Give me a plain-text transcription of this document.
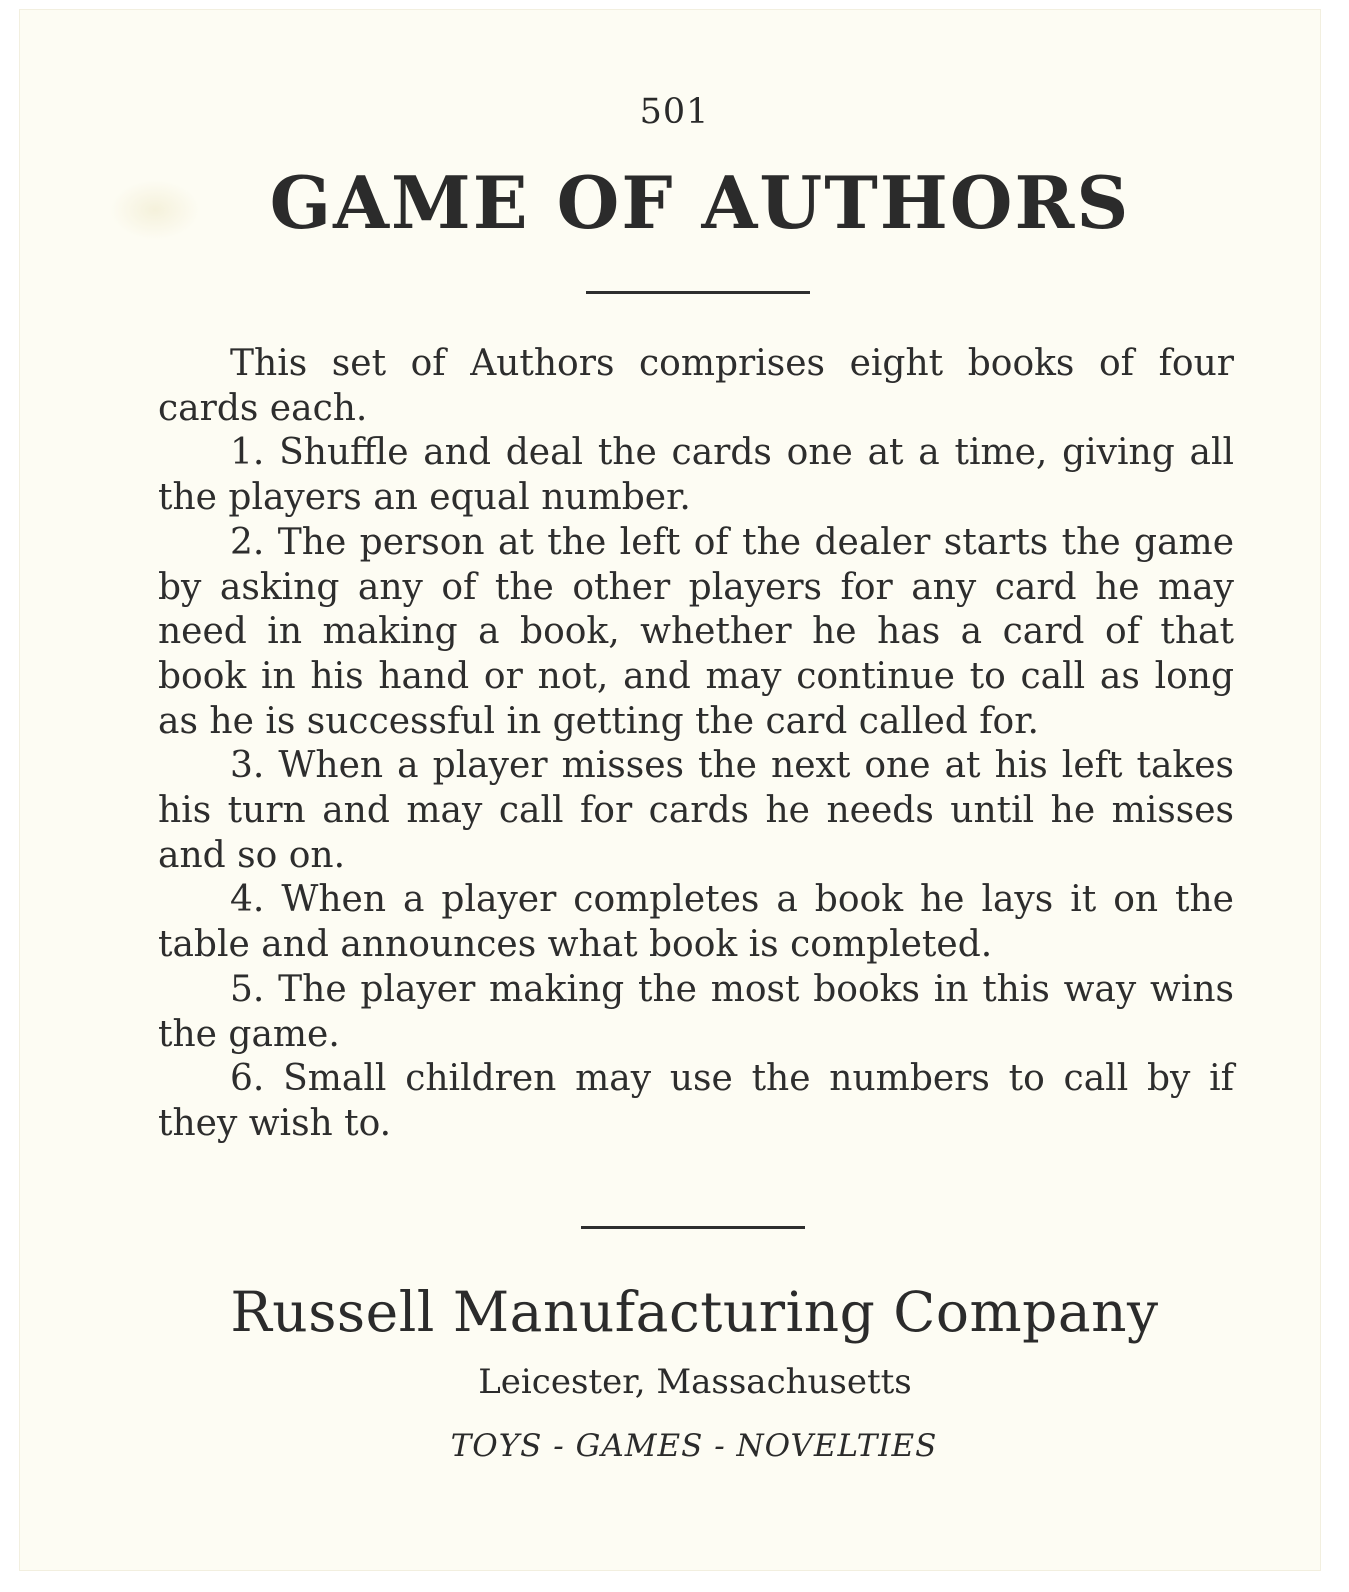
501
GAME OF AUTHORS

This set of Authors comprises eight books of four cards each.

1. Shuffle and deal the cards one at a time, giving all the players an equal number.

2. The person at the left of the dealer starts the game by asking any of the other players for any card he may need in making a book, whether he has a card of that book in his hand or not, and may continue to call as long as he is successful in getting the card called for.

3. When a player misses the next one at his left takes his turn and may call for cards he needs until he misses and so on.

4. When a player completes a book he lays it on the table and announces what book is completed.

5. The player making the most books in this way wins the game.

6. Small children may use the numbers to call by if they wish to.

Russell Manufacturing Company
Leicester, Massachusetts
TOYS - GAMES - NOVELTIES
